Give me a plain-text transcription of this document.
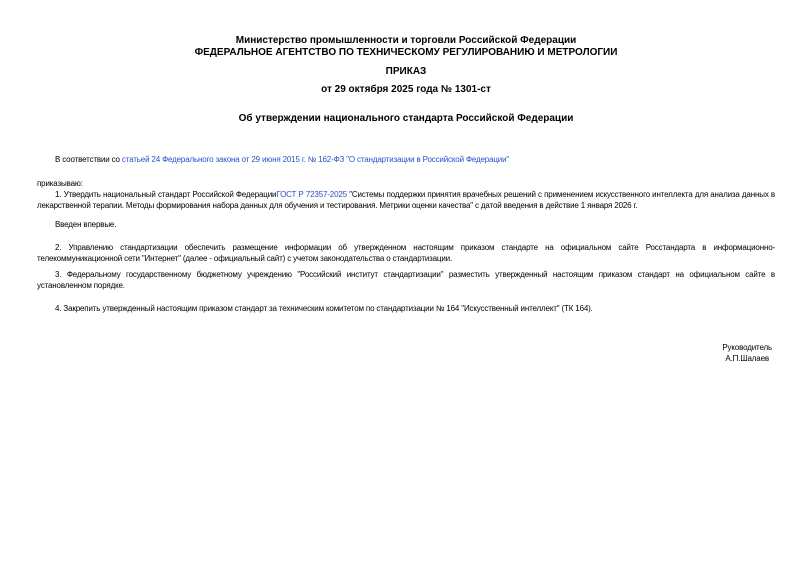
Министерство промышленности и торговли Российской Федерации
ФЕДЕРАЛЬНОЕ АГЕНТСТВО ПО ТЕХНИЧЕСКОМУ РЕГУЛИРОВАНИЮ И МЕТРОЛОГИИ
ПРИКАЗ
от 29 октября 2025 года № 1301-ст
Об утверждении национального стандарта Российской Федерации

В соответствии со статьей 24 Федерального закона от 29 июня 2015 г. № 162-ФЗ "О стандартизации в Российской Федерации"

приказываю:

1. Утвердить национальный стандарт Российской ФедерацииГОСТ Р 72357-2025 "Системы поддержки принятия врачебных решений с применением искусственного интеллекта для анализа данных в лекарственной терапии. Методы формирования набора данных для обучения и тестирования. Метрики оценки качества" с датой введения в действие 1 января 2026 г.

Введен впервые.

2. Управлению стандартизации обеспечить размещение информации об утвержденном настоящим приказом стандарте на официальном сайте Росстандарта в информационно-телекоммуникационной сети "Интернет" (далее - официальный сайт) с учетом законодательства о стандартизации.

3. Федеральному государственному бюджетному учреждению "Российский институт стандартизации" разместить утвержденный настоящим приказом стандарт на официальном сайте в установленном порядке.

4. Закрепить утвержденный настоящим приказом стандарт за техническим комитетом по стандартизации № 164 "Искусственный интеллект" (ТК 164).

Руководитель
А.П.Шалаев
